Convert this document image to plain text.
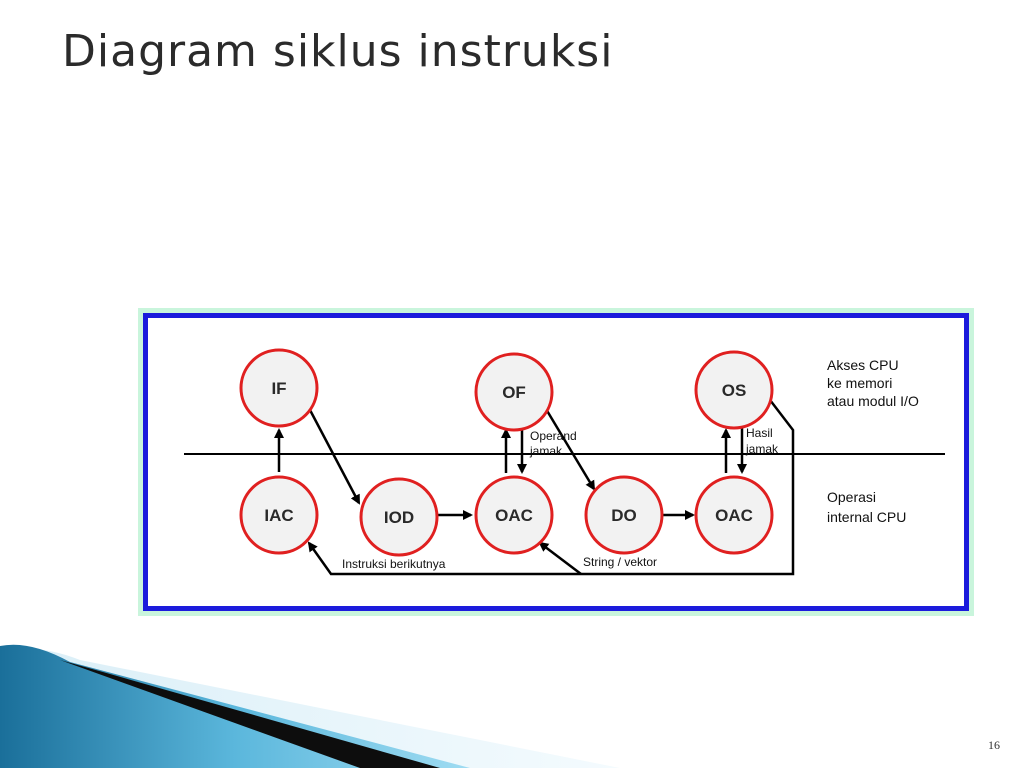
Diagram siklus instruksi
IF	OF	OS
IAC	IOD	OAC	DO	OAC
Operand
jamak
Hasil
jamak
Instruksi berikutnya	String / vektor
Akses CPU
ke memori
atau modul I/O
Operasi
internal CPU
16
